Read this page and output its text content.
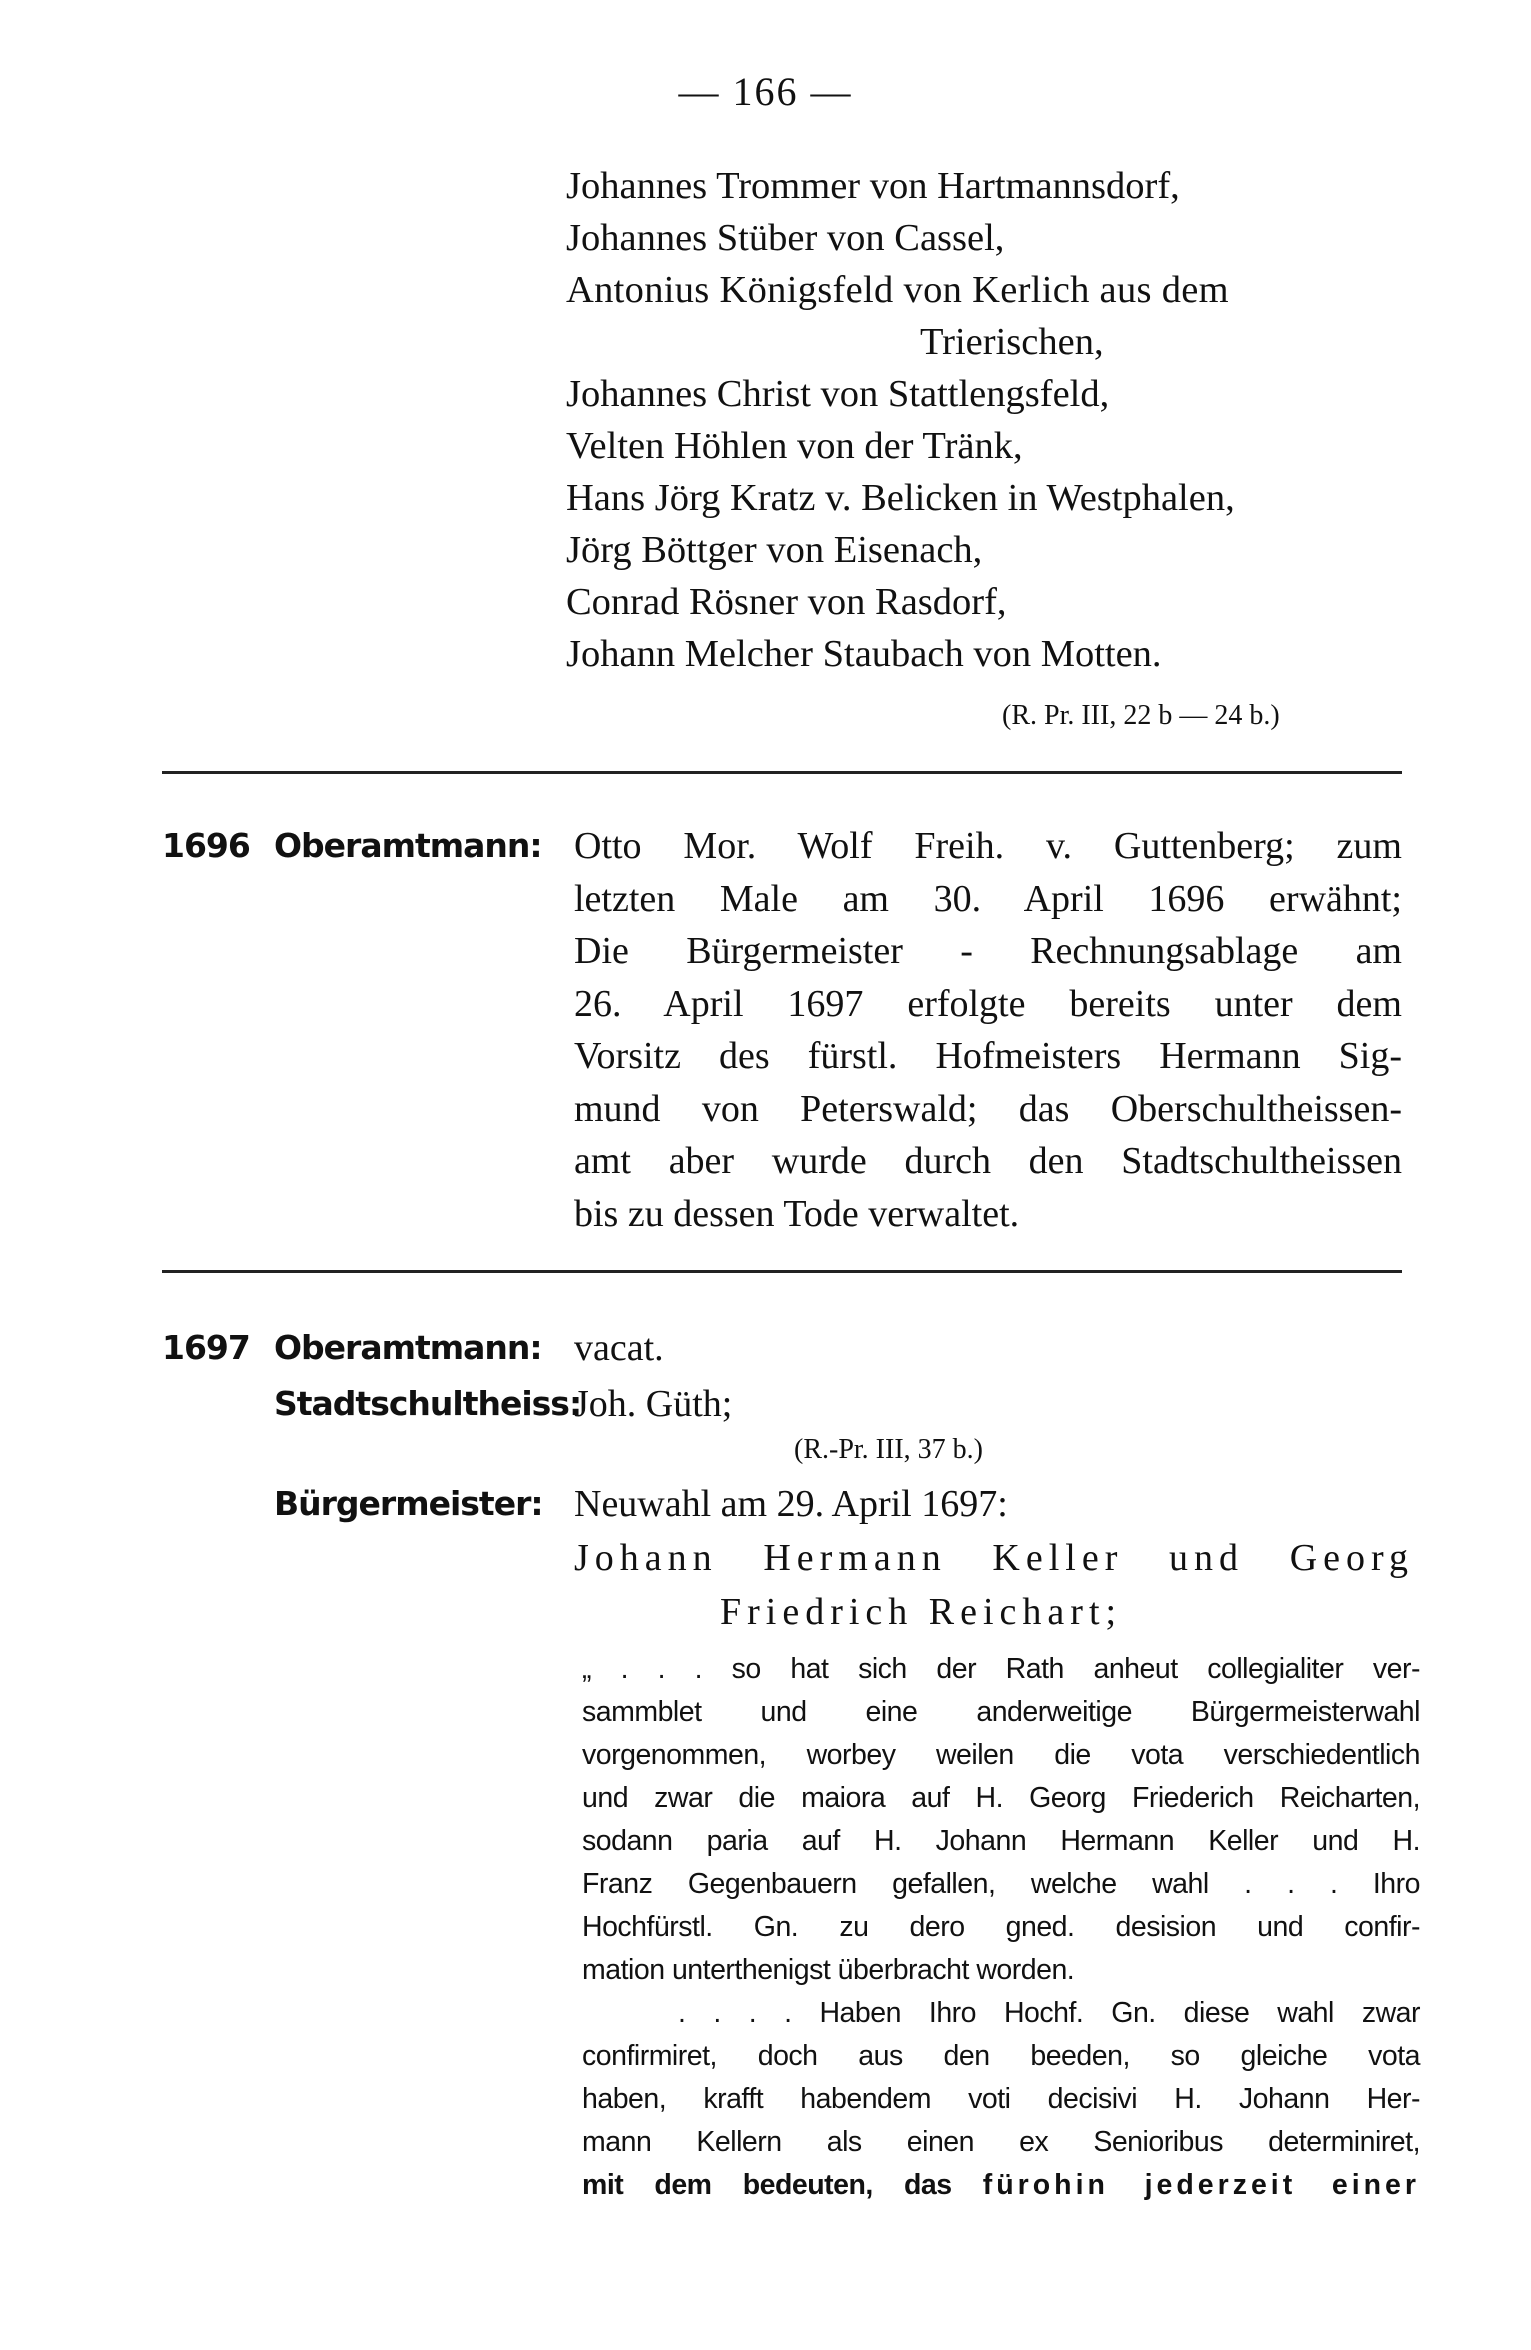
— 166 —
Johannes Trommer von Hartmannsdorf,
Johannes Stüber von Cassel,
Antonius Königsfeld von Kerlich aus dem
Trierischen,
Johannes Christ von Stattlengsfeld,
Velten Höhlen von der Tränk,
Hans Jörg Kratz v. Belicken in Westphalen,
Jörg Böttger von Eisenach,
Conrad Rösner von Rasdorf,
Johann Melcher Staubach von Motten.
(R. Pr. III, 22 b — 24 b.)
1696 Oberamtmann: Otto Mor. Wolf Freih. v. Guttenberg; zum
letzten Male am 30. April 1696 erwähnt;
Die Bürgermeister - Rechnungsablage am
26. April 1697 erfolgte bereits unter dem
Vorsitz des fürstl. Hofmeisters Hermann Sig-
mund von Peterswald; das Oberschultheissen-
amt aber wurde durch den Stadtschultheissen
bis zu dessen Tode verwaltet.
1697 Oberamtmann: vacat.
Stadtschultheiss:
Joh. Güth;
(R.-Pr. III, 37 b.)
Bürgermeister: Neuwahl am 29. April 1697:
Johann Hermann Keller und Georg
Friedrich Reichart;
„ . . . so hat sich der Rath anheut collegialiter ver-
sammblet und eine anderweitige Bürgermeisterwahl
vorgenommen, worbey weilen die vota verschiedentlich
und zwar die maiora auf H. Georg Friederich Reicharten,
sodann paria auf H. Johann Hermann Keller und H.
Franz Gegenbauern gefallen, welche wahl . . . Ihro
Hochfürstl. Gn. zu dero gned. desision und confir-
mation unterthenigst überbracht worden.
. . . . Haben Ihro Hochf. Gn. diese wahl zwar
confirmiret, doch aus den beeden, so gleiche vota
haben, krafft habendem voti decisivi H. Johann Her-
mann Kellern als einen ex Senioribus determiniret,
mit dem bedeuten, das fürohin jederzeit einer
